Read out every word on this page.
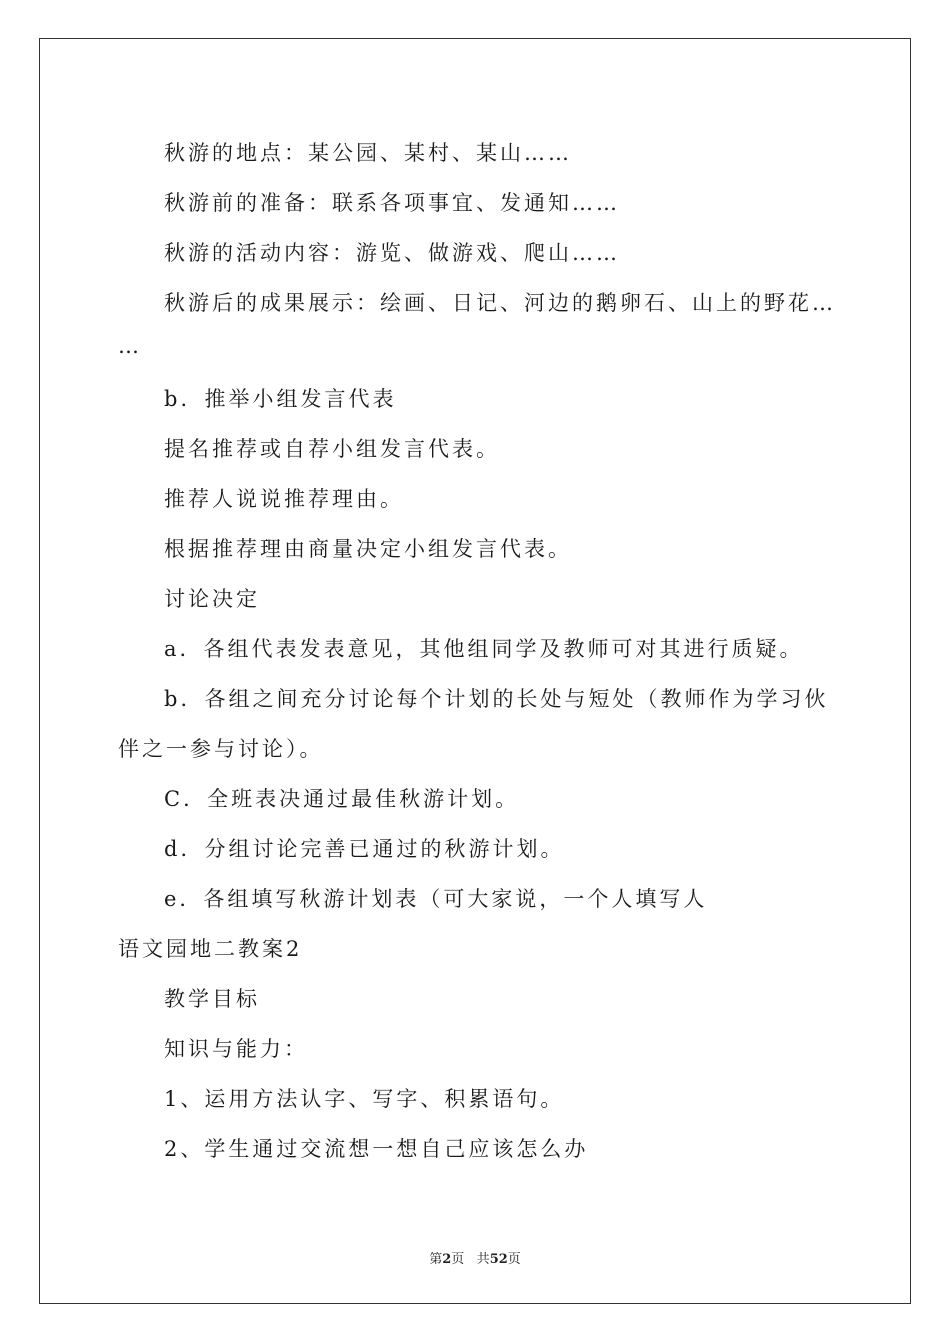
秋游的地点：某公园、某村、某山……
秋游前的准备：联系各项事宜、发通知……
秋游的活动内容：游览、做游戏、爬山……
秋游后的成果展示：绘画、日记、河边的鹅卵石、山上的野花…
…
b．推举小组发言代表
提名推荐或自荐小组发言代表。
推荐人说说推荐理由。
根据推荐理由商量决定小组发言代表。
讨论决定
a．各组代表发表意见，其他组同学及教师可对其进行质疑。
b．各组之间充分讨论每个计划的长处与短处（教师作为学习伙
伴之一参与讨论）。
C．全班表决通过最佳秋游计划。
d．分组讨论完善已通过的秋游计划。
e．各组填写秋游计划表（可大家说，一个人填写人
语文园地二教案2
教学目标
知识与能力：
1、运用方法认字、写字、积累语句。
2、学生通过交流想一想自己应该怎么办
第2页 共52页
